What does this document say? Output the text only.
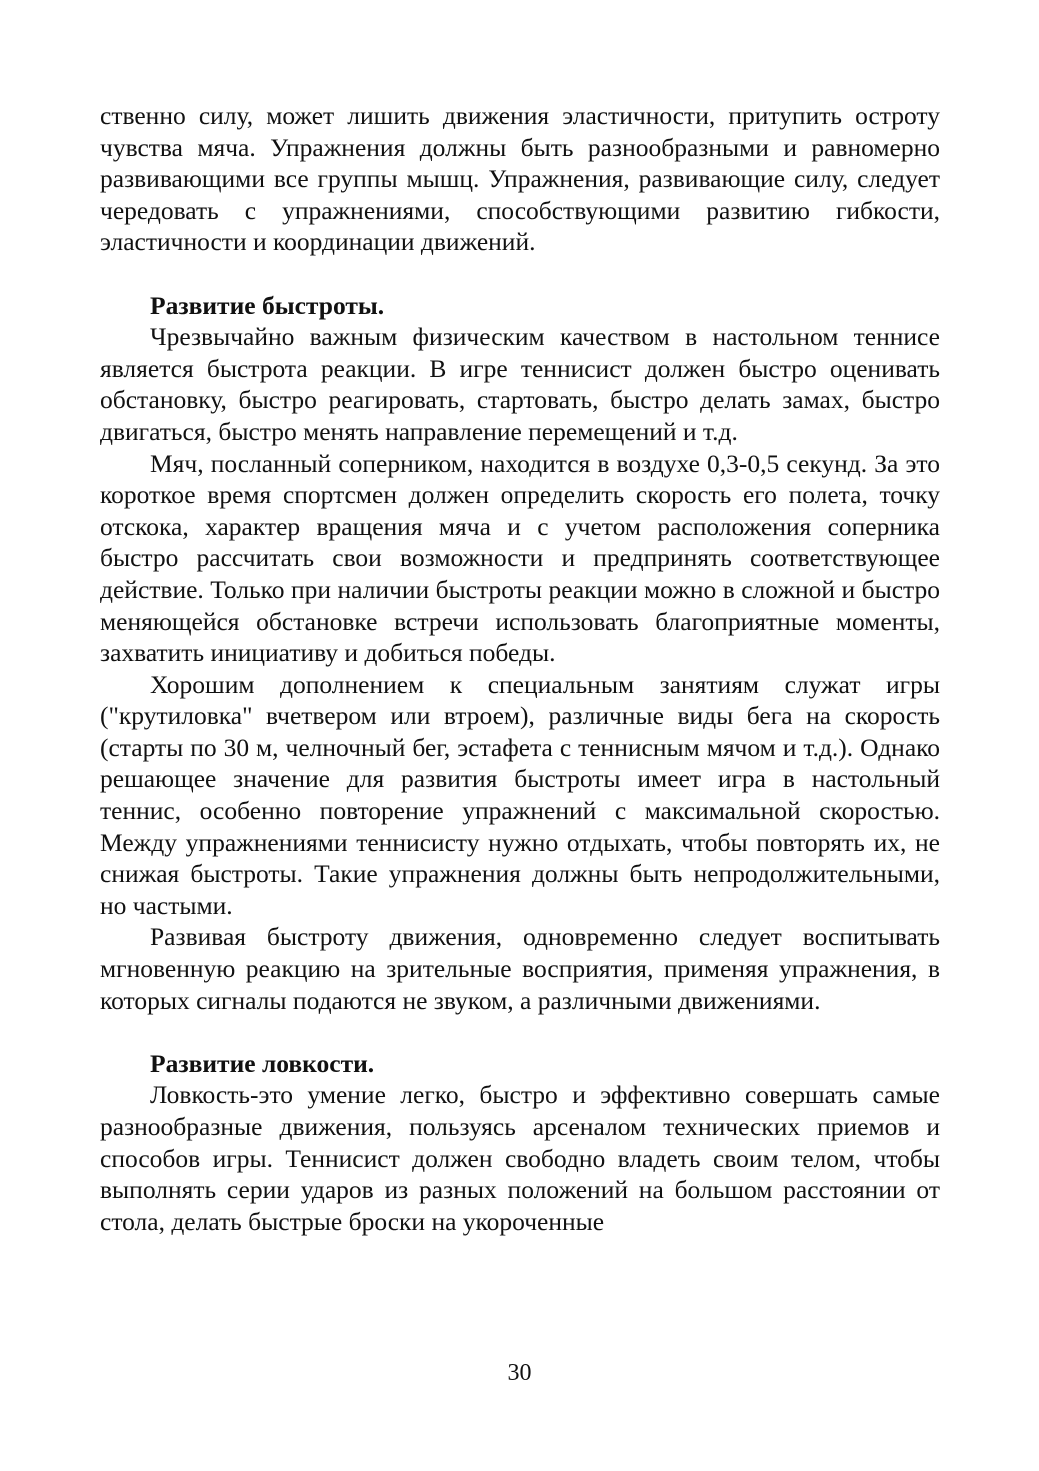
ственно силу, может лишить движения эластичности, притупить остроту чувства мяча. Упражнения должны быть разнообразными и равномерно развивающими все группы мышц. Упражнения, развивающие силу, следует чередовать с упражнениями, способствующими развитию гибкости, эластичности и координации движений.

Развитие быстроты.

Чрезвычайно важным физическим качеством в настольном теннисе является быстрота реакции. В игре теннисист должен быстро оценивать обстановку, быстро реагировать, стартовать, быстро делать замах, быстро двигаться, быстро менять направление перемещений и т.д.

Мяч, посланный соперником, находится в воздухе 0,3-0,5 секунд. За это короткое время спортсмен должен определить скорость его полета, точку отскока, характер вращения мяча и с учетом расположения соперника быстро рассчитать свои возможности и предпринять соответствующее действие. Только при наличии быстроты реакции можно в сложной и быстро меняющейся обстановке встречи использовать благоприятные моменты, захватить инициативу и добиться победы.

Хорошим дополнением к специальным занятиям служат игры ("крутиловка" вчетвером или втроем), различные виды бега на скорость (старты по 30 м, челночный бег, эстафета с теннисным мячом и т.д.). Однако решающее значение для развития быстроты имеет игра в настольный теннис, особенно повторение упражнений с максимальной скоростью. Между упражнениями теннисисту нужно отдыхать, чтобы повторять их, не снижая быстроты. Такие упражнения должны быть непродолжительными, но частыми.

Развивая быстроту движения, одновременно следует воспитывать мгновенную реакцию на зрительные восприятия, применяя упражнения, в которых сигналы подаются не звуком, а различными движениями.

Развитие ловкости.

Ловкость-это умение легко, быстро и эффективно совершать самые разнообразные движения, пользуясь арсеналом технических приемов и способов игры. Теннисист должен свободно владеть своим телом, чтобы выполнять серии ударов из разных положений на большом расстоянии от стола, делать быстрые броски на укороченные

30
